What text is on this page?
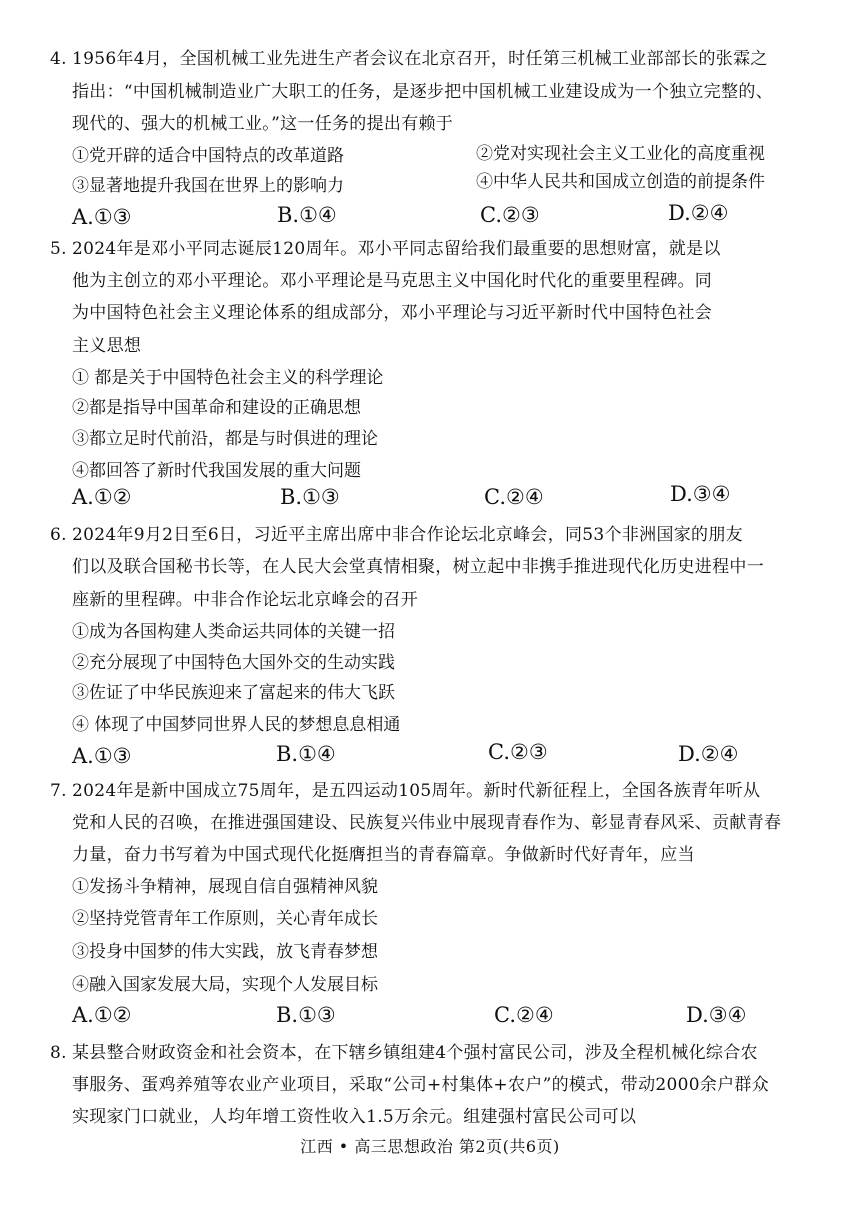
4. 1956年4月，全国机械工业先进生产者会议在北京召开，时任第三机械工业部部长的张霖之
指出：“中国机械制造业广大职工的任务，是逐步把中国机械工业建设成为一个独立完整的、
现代的、强大的机械工业。”这一任务的提出有赖于
①党开辟的适合中国特点的改革道路	②党对实现社会主义工业化的高度重视
③显著地提升我国在世界上的影响力	④中华人民共和国成立创造的前提条件
A.①③	B.①④	C.②③	D.②④
5. 2024年是邓小平同志诞辰120周年。邓小平同志留给我们最重要的思想财富，就是以
他为主创立的邓小平理论。邓小平理论是马克思主义中国化时代化的重要里程碑。同
为中国特色社会主义理论体系的组成部分，邓小平理论与习近平新时代中国特色社会
主义思想
① 都是关于中国特色社会主义的科学理论
②都是指导中国革命和建设的正确思想
③都立足时代前沿，都是与时俱进的理论
④都回答了新时代我国发展的重大问题
A.①②	B.①③	C.②④	D.③④
6. 2024年9月2日至6日，习近平主席出席中非合作论坛北京峰会，同53个非洲国家的朋友
们以及联合国秘书长等，在人民大会堂真情相聚，树立起中非携手推进现代化历史进程中一
座新的里程碑。中非合作论坛北京峰会的召开
①成为各国构建人类命运共同体的关键一招
②充分展现了中国特色大国外交的生动实践
③佐证了中华民族迎来了富起来的伟大飞跃
④ 体现了中国梦同世界人民的梦想息息相通
A.①③	B.①④	C.②③	D.②④
7. 2024年是新中国成立75周年，是五四运动105周年。新时代新征程上，全国各族青年听从
党和人民的召唤，在推进强国建设、民族复兴伟业中展现青春作为、彰显青春风采、贡献青春
力量，奋力书写着为中国式现代化挺膺担当的青春篇章。争做新时代好青年，应当
①发扬斗争精神，展现自信自强精神风貌
②坚持党管青年工作原则，关心青年成长
③投身中国梦的伟大实践，放飞青春梦想
④融入国家发展大局，实现个人发展目标
A.①②	B.①③	C.②④	D.③④
8. 某县整合财政资金和社会资本，在下辖乡镇组建4个强村富民公司，涉及全程机械化综合农
事服务、蛋鸡养殖等农业产业项目，采取“公司+村集体+农户”的模式，带动2000余户群众
实现家门口就业，人均年增工资性收入1.5万余元。组建强村富民公司可以
江西 • 高三思想政治 第2页(共6页)
